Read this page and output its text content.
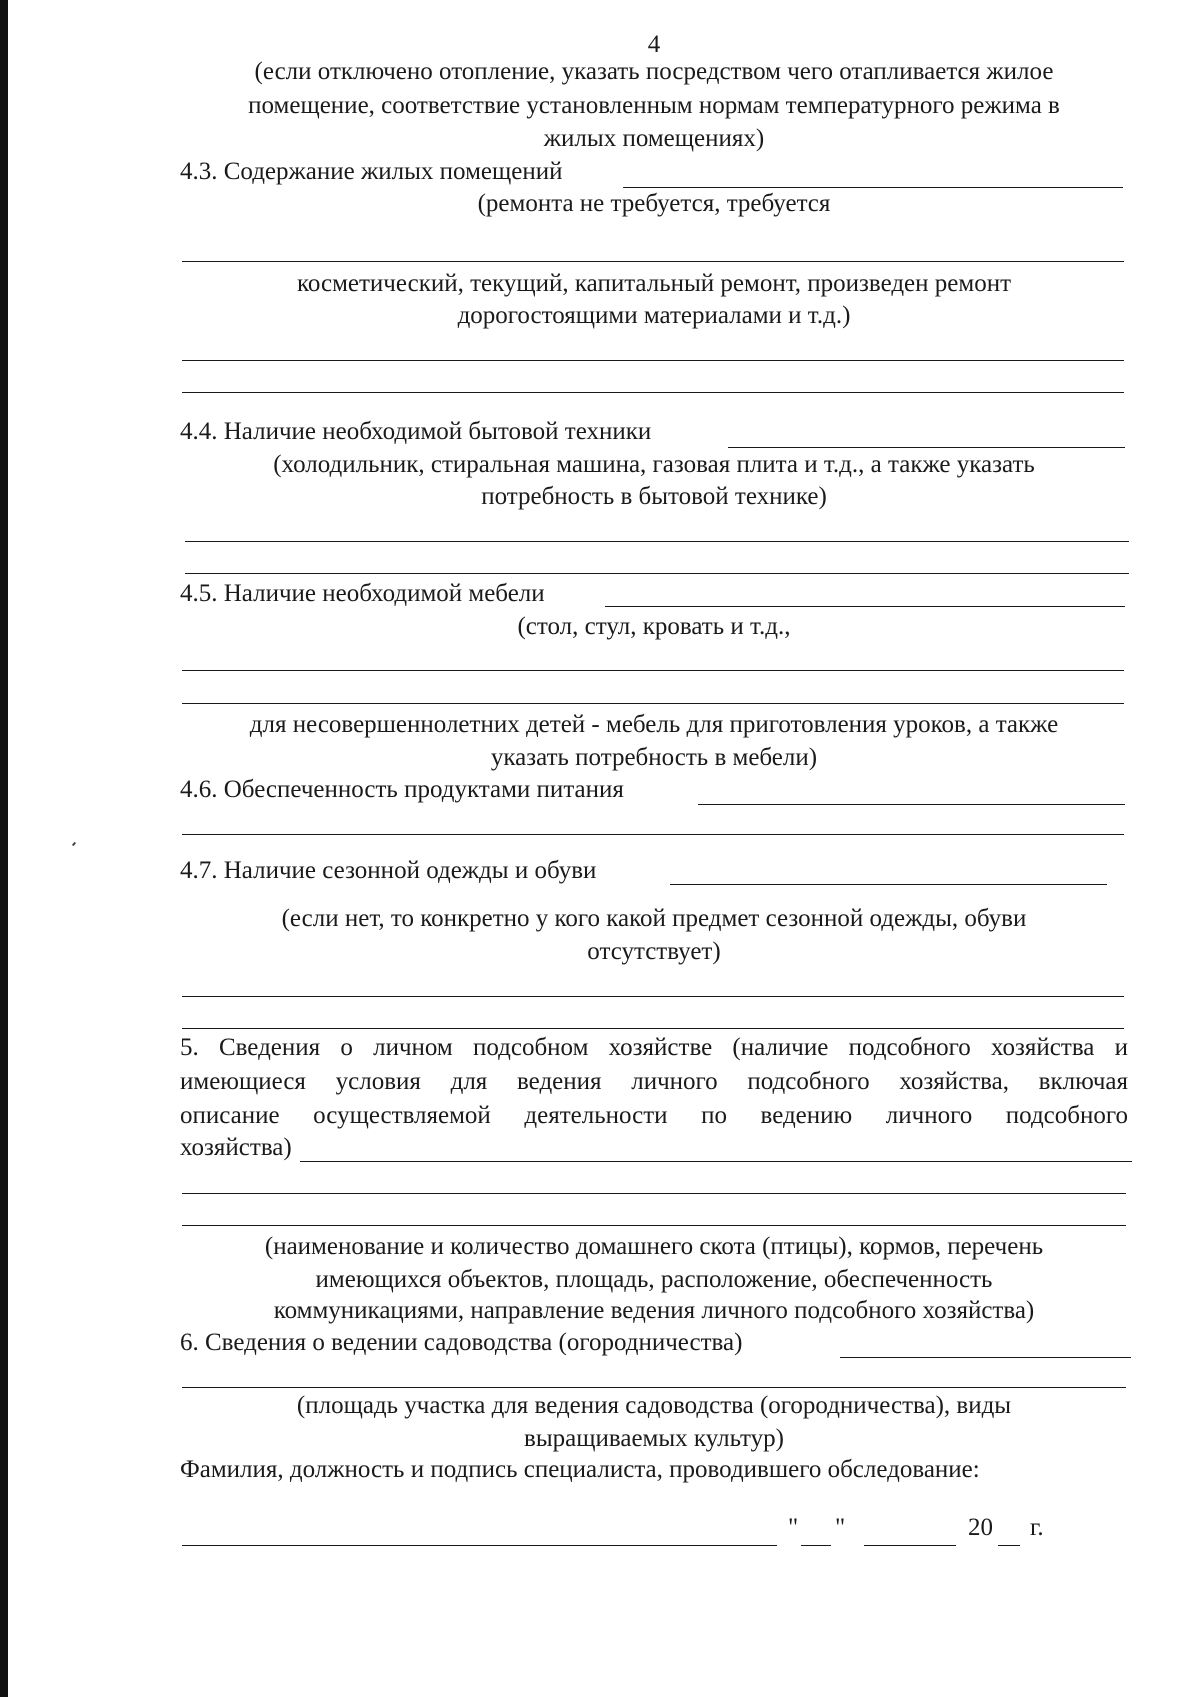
4
(если отключено отопление, указать посредством чего отапливается жилое
помещение, соответствие установленным нормам температурного режима в
жилых помещениях)
4.3. Содержание жилых помещений
(ремонта не требуется, требуется
косметический, текущий, капитальный ремонт, произведен ремонт
дорогостоящими материалами и т.д.)
4.4. Наличие необходимой бытовой техники
(холодильник, стиральная машина, газовая плита и т.д., а также указать
потребность в бытовой технике)
4.5. Наличие необходимой мебели
(стол, стул, кровать и т.д.,
для несовершеннолетних детей - мебель для приготовления уроков, а также
указать потребность в мебели)
4.6. Обеспеченность продуктами питания
4.7. Наличие сезонной одежды и обуви
(если нет, то конкретно у кого какой предмет сезонной одежды, обуви
отсутствует)
5. Сведения о личном подсобном хозяйстве (наличие подсобного хозяйства и
имеющиеся условия для ведения личного подсобного хозяйства, включая
описание осуществляемой деятельности по ведению личного подсобного
хозяйства)
(наименование и количество домашнего скота (птицы), кормов, перечень
имеющихся объектов, площадь, расположение, обеспеченность
коммуникациями, направление ведения личного подсобного хозяйства)
6. Сведения о ведении садоводства (огородничества)
(площадь участка для ведения садоводства (огородничества), виды
выращиваемых культур)
Фамилия, должность и подпись специалиста, проводившего обследование:
" "	20 г.
